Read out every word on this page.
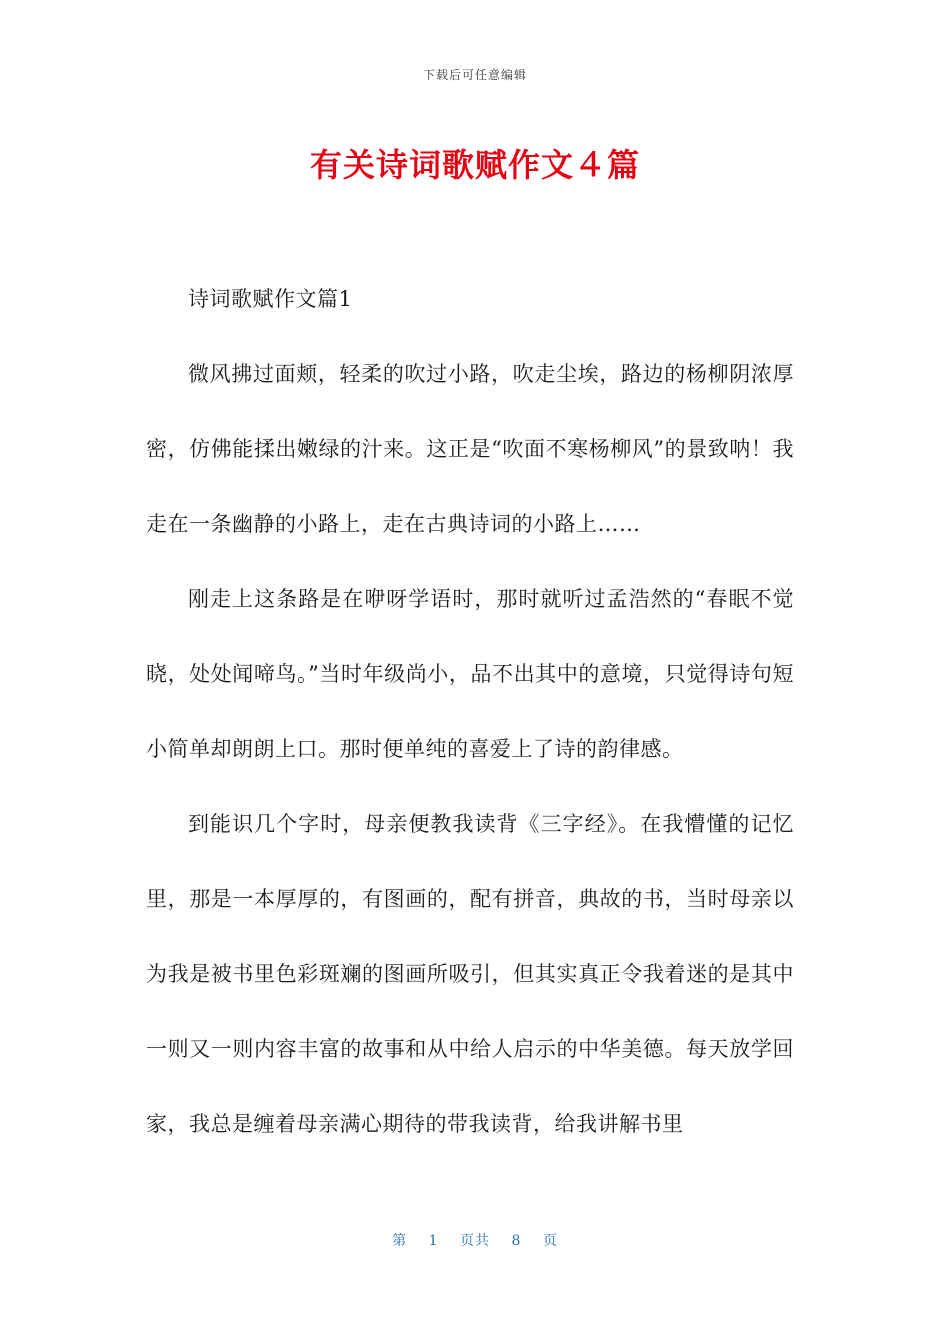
下载后可任意编辑
有关诗词歌赋作文４篇

诗词歌赋作文篇1

微风拂过面颊，轻柔的吹过小路，吹走尘埃，路边的杨柳阴浓厚密，仿佛能揉出嫩绿的汁来。这正是“吹面不寒杨柳风”的景致呐！我走在一条幽静的小路上，走在古典诗词的小路上……

刚走上这条路是在咿呀学语时，那时就听过孟浩然的“春眠不觉晓，处处闻啼鸟。”当时年级尚小，品不出其中的意境，只觉得诗句短小简单却朗朗上口。那时便单纯的喜爱上了诗的韵律感。

到能识几个字时，母亲便教我读背《三字经》。在我懵懂的记忆里，那是一本厚厚的，有图画的，配有拼音，典故的书，当时母亲以为我是被书里色彩斑斓的图画所吸引，但其实真正令我着迷的是其中一则又一则内容丰富的故事和从中给人启示的中华美德。每天放学回家，我总是缠着母亲满心期待的带我读背，给我讲解书里

第 1 页共 8 页
